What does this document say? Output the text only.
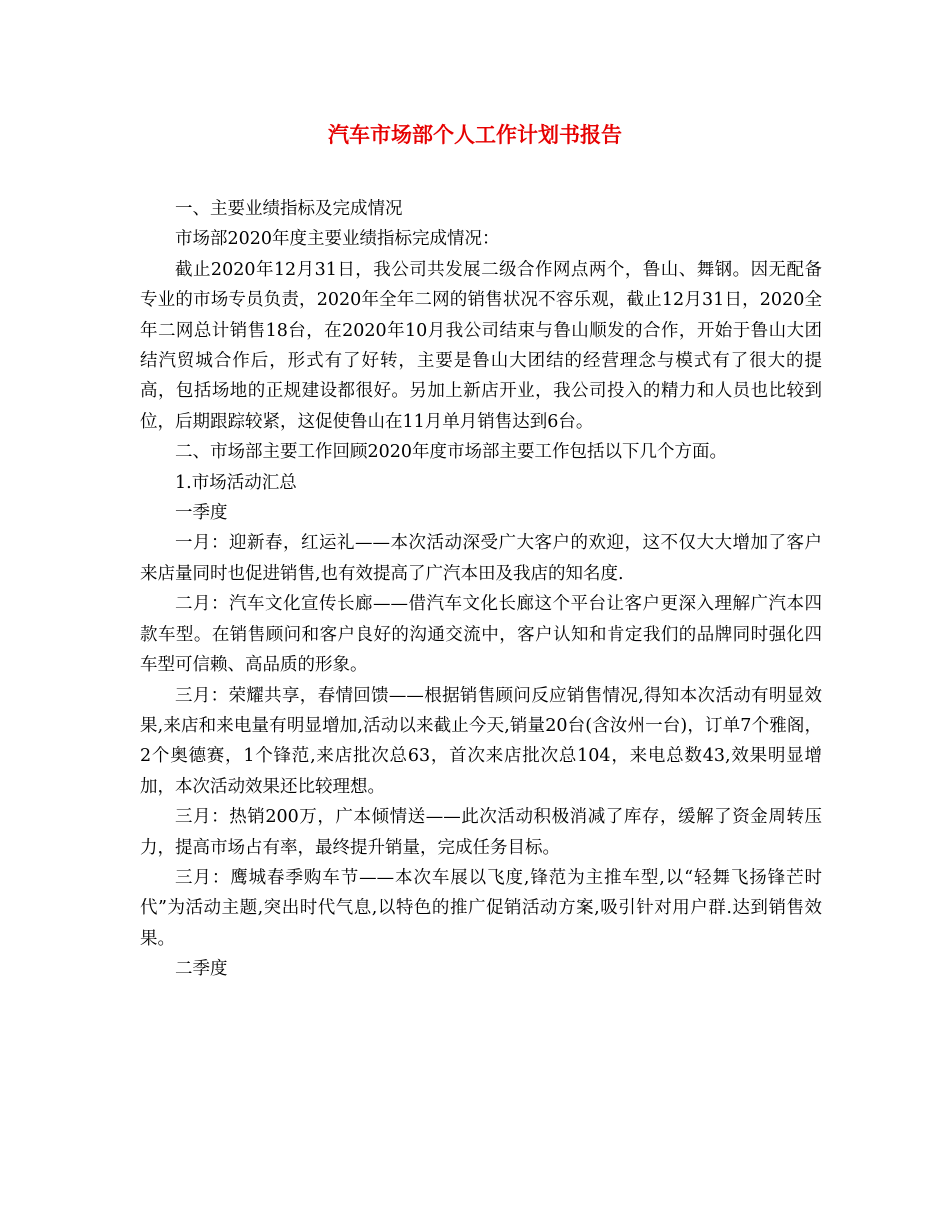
汽车市场部个人工作计划书报告

一、主要业绩指标及完成情况

市场部2020年度主要业绩指标完成情况：

截止2020年12月31日，我公司共发展二级合作网点两个，鲁山、舞钢。因无配备专业的市场专员负责，2020年全年二网的销售状况不容乐观，截止12月31日，2020全年二网总计销售18台，在2020年10月我公司结束与鲁山顺发的合作，开始于鲁山大团结汽贸城合作后，形式有了好转，主要是鲁山大团结的经营理念与模式有了很大的提高，包括场地的正规建设都很好。另加上新店开业，我公司投入的精力和人员也比较到位，后期跟踪较紧，这促使鲁山在11月单月销售达到6台。

二、市场部主要工作回顾2020年度市场部主要工作包括以下几个方面。

1.市场活动汇总

一季度

一月：迎新春，红运礼——本次活动深受广大客户的欢迎，这不仅大大增加了客户来店量同时也促进销售,也有效提高了广汽本田及我店的知名度.

二月：汽车文化宣传长廊——借汽车文化长廊这个平台让客户更深入理解广汽本四款车型。在销售顾问和客户良好的沟通交流中，客户认知和肯定我们的品牌同时强化四车型可信赖、高品质的形象。

三月：荣耀共享，春情回馈——根据销售顾问反应销售情况,得知本次活动有明显效果,来店和来电量有明显增加,活动以来截止今天,销量20台(含汝州一台)，订单7个雅阁，2个奥德赛，1个锋范,来店批次总63，首次来店批次总104，来电总数43,效果明显增加，本次活动效果还比较理想。

三月：热销200万，广本倾情送——此次活动积极消减了库存，缓解了资金周转压力，提高市场占有率，最终提升销量，完成任务目标。

三月：鹰城春季购车节——本次车展以飞度,锋范为主推车型,以“轻舞飞扬锋芒时代”为活动主题,突出时代气息,以特色的推广促销活动方案,吸引针对用户群.达到销售效果。

二季度
